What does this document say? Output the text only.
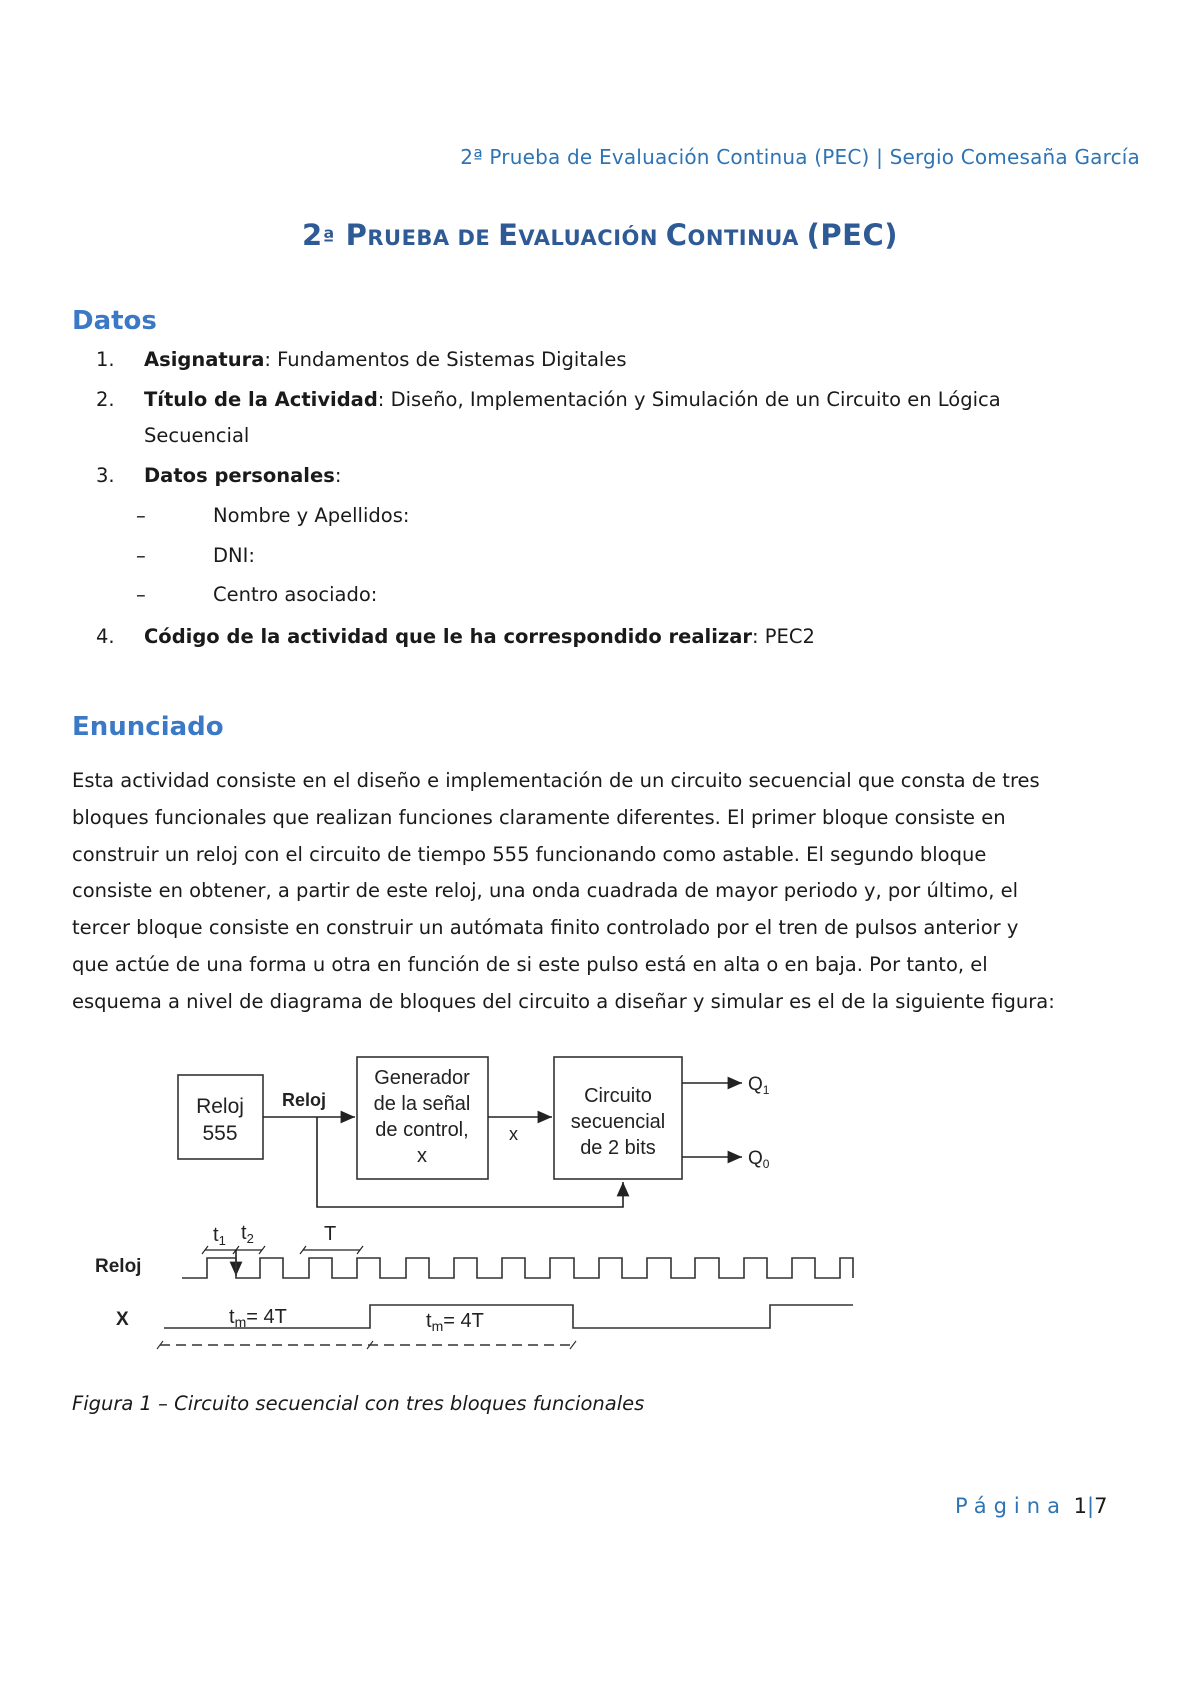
2ª Prueba de Evaluación Continua (PEC) | Sergio Comesaña García
2ª PRUEBA DE EVALUACIÓN CONTINUA (PEC)
Datos
1. Asignatura: Fundamentos de Sistemas Digitales
2. Título de la Actividad: Diseño, Implementación y Simulación de un Circuito en Lógica
Secuencial
3. Datos personales:
–	Nombre y Apellidos:
–	DNI:
–	Centro asociado:
4. Código de la actividad que le ha correspondido realizar: PEC2
Enunciado
Esta actividad consiste en el diseño e implementación de un circuito secuencial que consta de tres
bloques funcionales que realizan funciones claramente diferentes. El primer bloque consiste en
construir un reloj con el circuito de tiempo 555 funcionando como astable. El segundo bloque
consiste en obtener, a partir de este reloj, una onda cuadrada de mayor periodo y, por último, el
tercer bloque consiste en construir un autómata finito controlado por el tren de pulsos anterior y
que actúe de una forma u otra en función de si este pulso está en alta o en baja. Por tanto, el
esquema a nivel de diagrama de bloques del circuito a diseñar y simular es el de la siguiente figura:
Reloj
555
Reloj
Generador
de la señal
de control,
x
x
Circuito
secuencial
de 2 bits
$Q_1$
$Q_0$
$t_1$ $t_2$	T
Reloj
X	$t_m= 4T$	$t_m= 4T$
Figura 1 – Circuito secuencial con tres bloques funcionales
Página 1|7
